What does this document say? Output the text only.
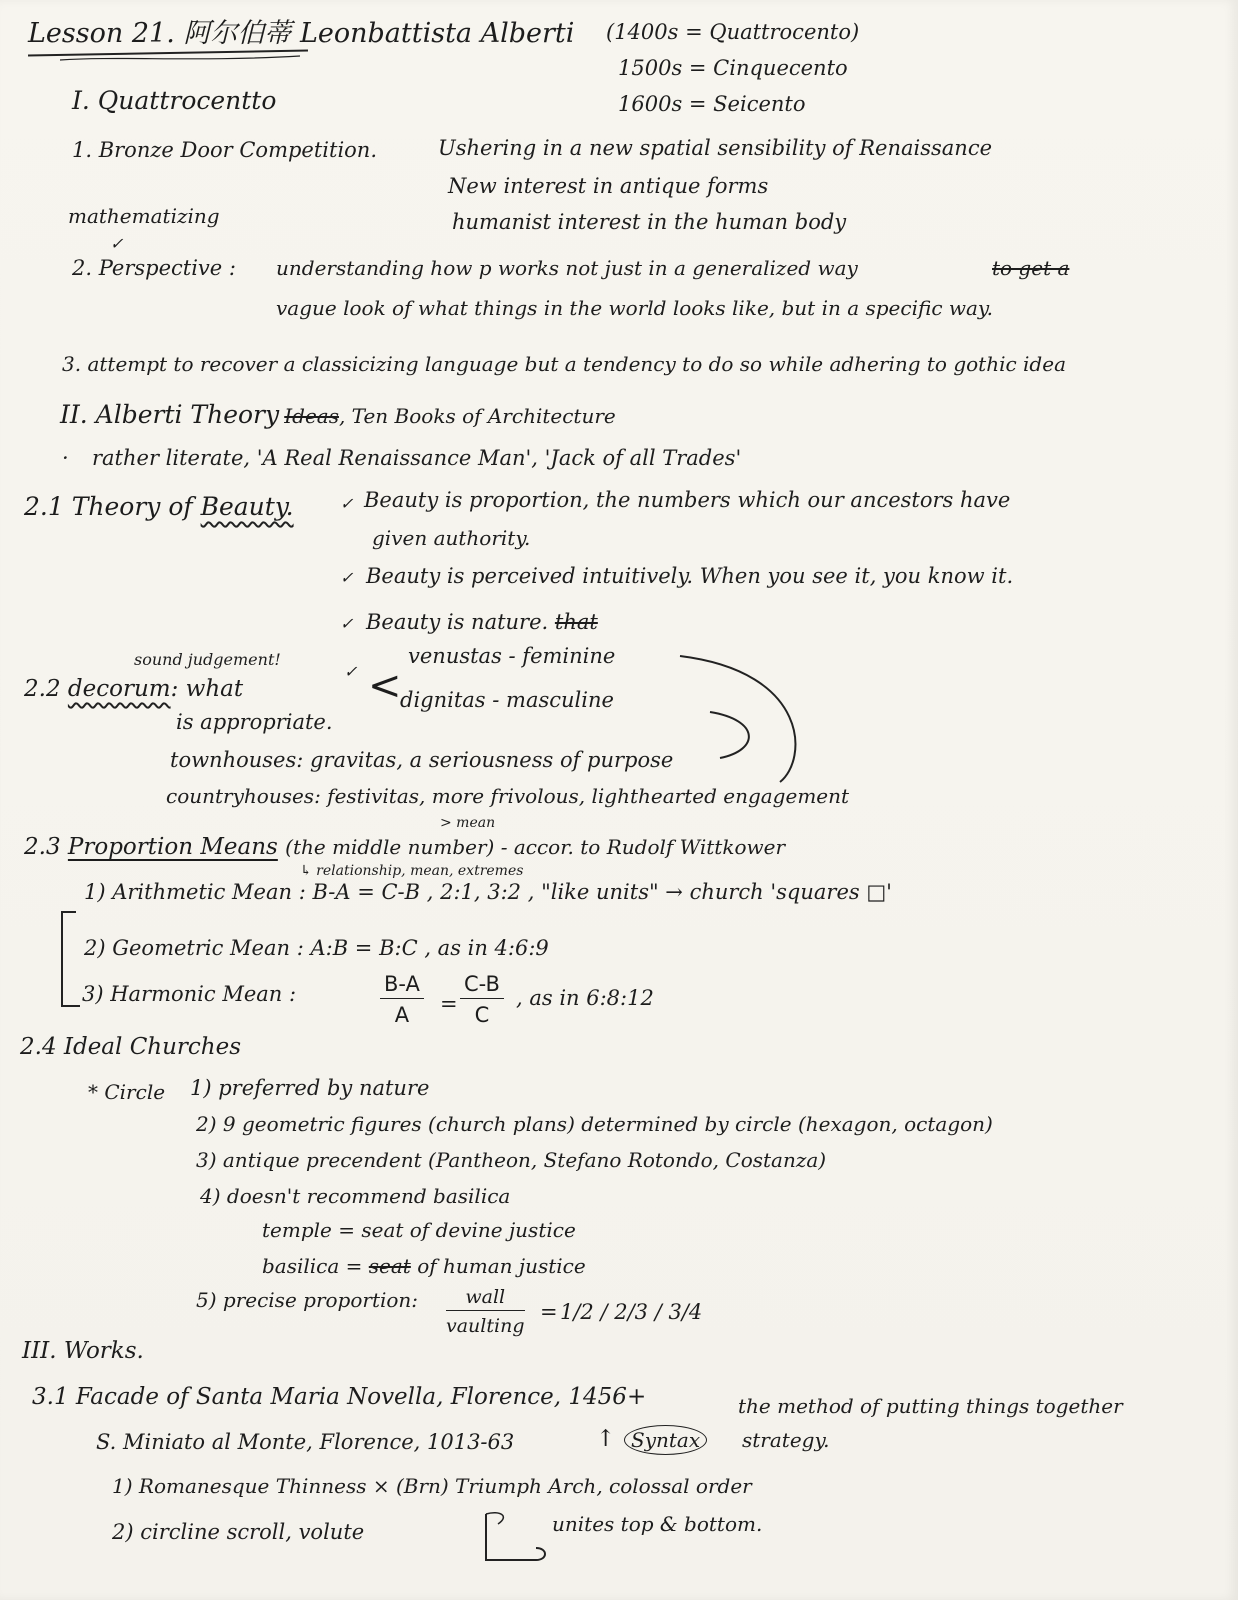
Lesson 21. 阿尔伯蒂 Leonbattista Alberti (1400s = Quattrocento)
1500s = Cinquecento
1600s = Seicento
I. Quattrocentto
1. Bronze Door Competition.	Ushering in a new spatial sensibility of Renaissance
New interest in antique forms
mathematizing	humanist interest in the human body
✓
2. Perspective : understanding how p works not just in a generalized way	to get a
vague look of what things in the world looks like, but in a specific way.
3. attempt to recover a classicizing language but a tendency to do so while adhering to gothic idea
II. Alberti Theory Ideas, Ten Books of Architecture
· rather literate, 'A Real Renaissance Man', 'Jack of all Trades'
2.1 Theory of Beauty.	✓ Beauty is proportion, the numbers which our ancestors have
given authority.
✓ Beauty is perceived intuitively. When you see it, you know it.
✓ Beauty is nature. that
sound judgement!
2.2 decorum: what
is appropriate.
✓ <
venustas - feminine
dignitas - masculine
townhouses: gravitas, a seriousness of purpose
countryhouses: festivitas, more frivolous, lighthearted engagement
> mean
2.3 Proportion Means (the middle number) - accor. to Rudolf Wittkower
↳ relationship, mean, extremes
1) Arithmetic Mean : B-A = C-B , 2:1, 3:2 , "like units" → church 'squares □'
2) Geometric Mean : A:B = B:C , as in 4:6:9
3) Harmonic Mean :	$\frac{B-A}{A} = \frac{C-B}{C}$ , as in 6:8:12
2.4 Ideal Churches
* Circle 1) preferred by nature
2) 9 geometric figures (church plans) determined by circle (hexagon, octagon)
3) antique precendent (Pantheon, Stefano Rotondo, Costanza)
4) doesn't recommend basilica
temple = seat of devine justice
basilica = seat of human justice
5) precise proportion:	wall
vaulting
= 1/2 / 2/3 / 3/4
III. Works.
3.1 Facade of Santa Maria Novella, Florence, 1456+
S. Miniato al Monte, Florence, 1013-63	↑ Syntax
the method of putting things together
strategy.
1) Romanesque Thinness × (Brn) Triumph Arch, colossal order
2) circline scroll, volute	unites top & bottom.
